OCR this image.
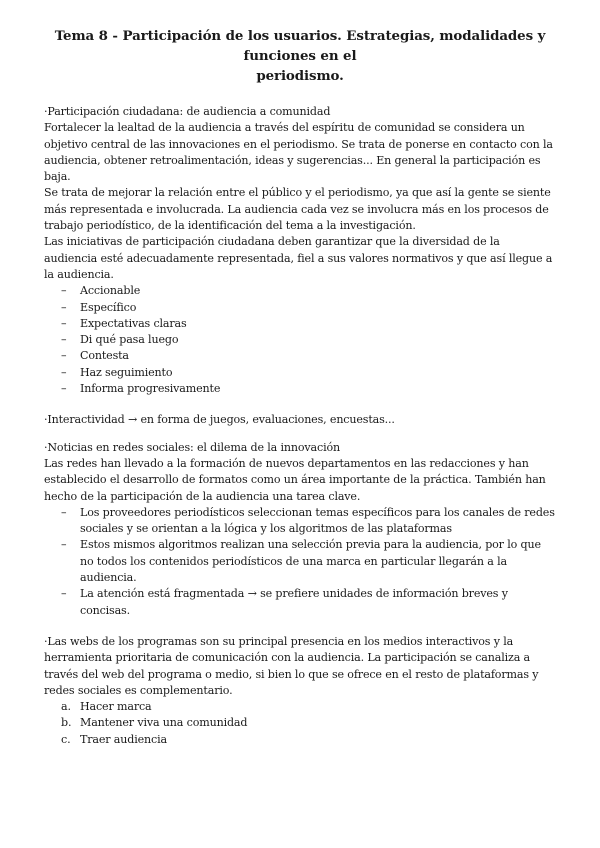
Tema 8 - Participación de los usuarios. Estrategias, modalidades y funciones en el
periodismo.

·Participación ciudadana: de audiencia a comunidad

Fortalecer la lealtad de la audiencia a través del espíritu de comunidad se considera un objetivo central de las innovaciones en el periodismo. Se trata de ponerse en contacto con la audiencia, obtener retroalimentación, ideas y sugerencias... En general la participación es baja.

Se trata de mejorar la relación entre el público y el periodismo, ya que así la gente se siente más representada e involucrada. La audiencia cada vez se involucra más en los procesos de trabajo periodístico, de la identificación del tema a la investigación.

Las iniciativas de participación ciudadana deben garantizar que la diversidad de la audiencia esté adecuadamente representada, fiel a sus valores normativos y que así llegue a la audiencia.

– Accionable
– Específico
– Expectativas claras
– Di qué pasa luego
– Contesta
– Haz seguimiento
– Informa progresivamente

·Interactividad → en forma de juegos, evaluaciones, encuestas...

·Noticias en redes sociales: el dilema de la innovación

Las redes han llevado a la formación de nuevos departamentos en las redacciones y han establecido el desarrollo de formatos como un área importante de la práctica. También han hecho de la participación de la audiencia una tarea clave.

– Los proveedores periodísticos seleccionan temas específicos para los canales de redes sociales y se orientan a la lógica y los algoritmos de las plataformas
– Estos mismos algoritmos realizan una selección previa para la audiencia, por lo que no todos los contenidos periodísticos de una marca en particular llegarán a la audiencia.
– La atención está fragmentada → se prefiere unidades de información breves y concisas.

·Las webs de los programas son su principal presencia en los medios interactivos y la herramienta prioritaria de comunicación con la audiencia. La participación se canaliza a través del web del programa o medio, si bien lo que se ofrece en el resto de plataformas y redes sociales es complementario.

a. Hacer marca
b. Mantener viva una comunidad
c. Traer audiencia
